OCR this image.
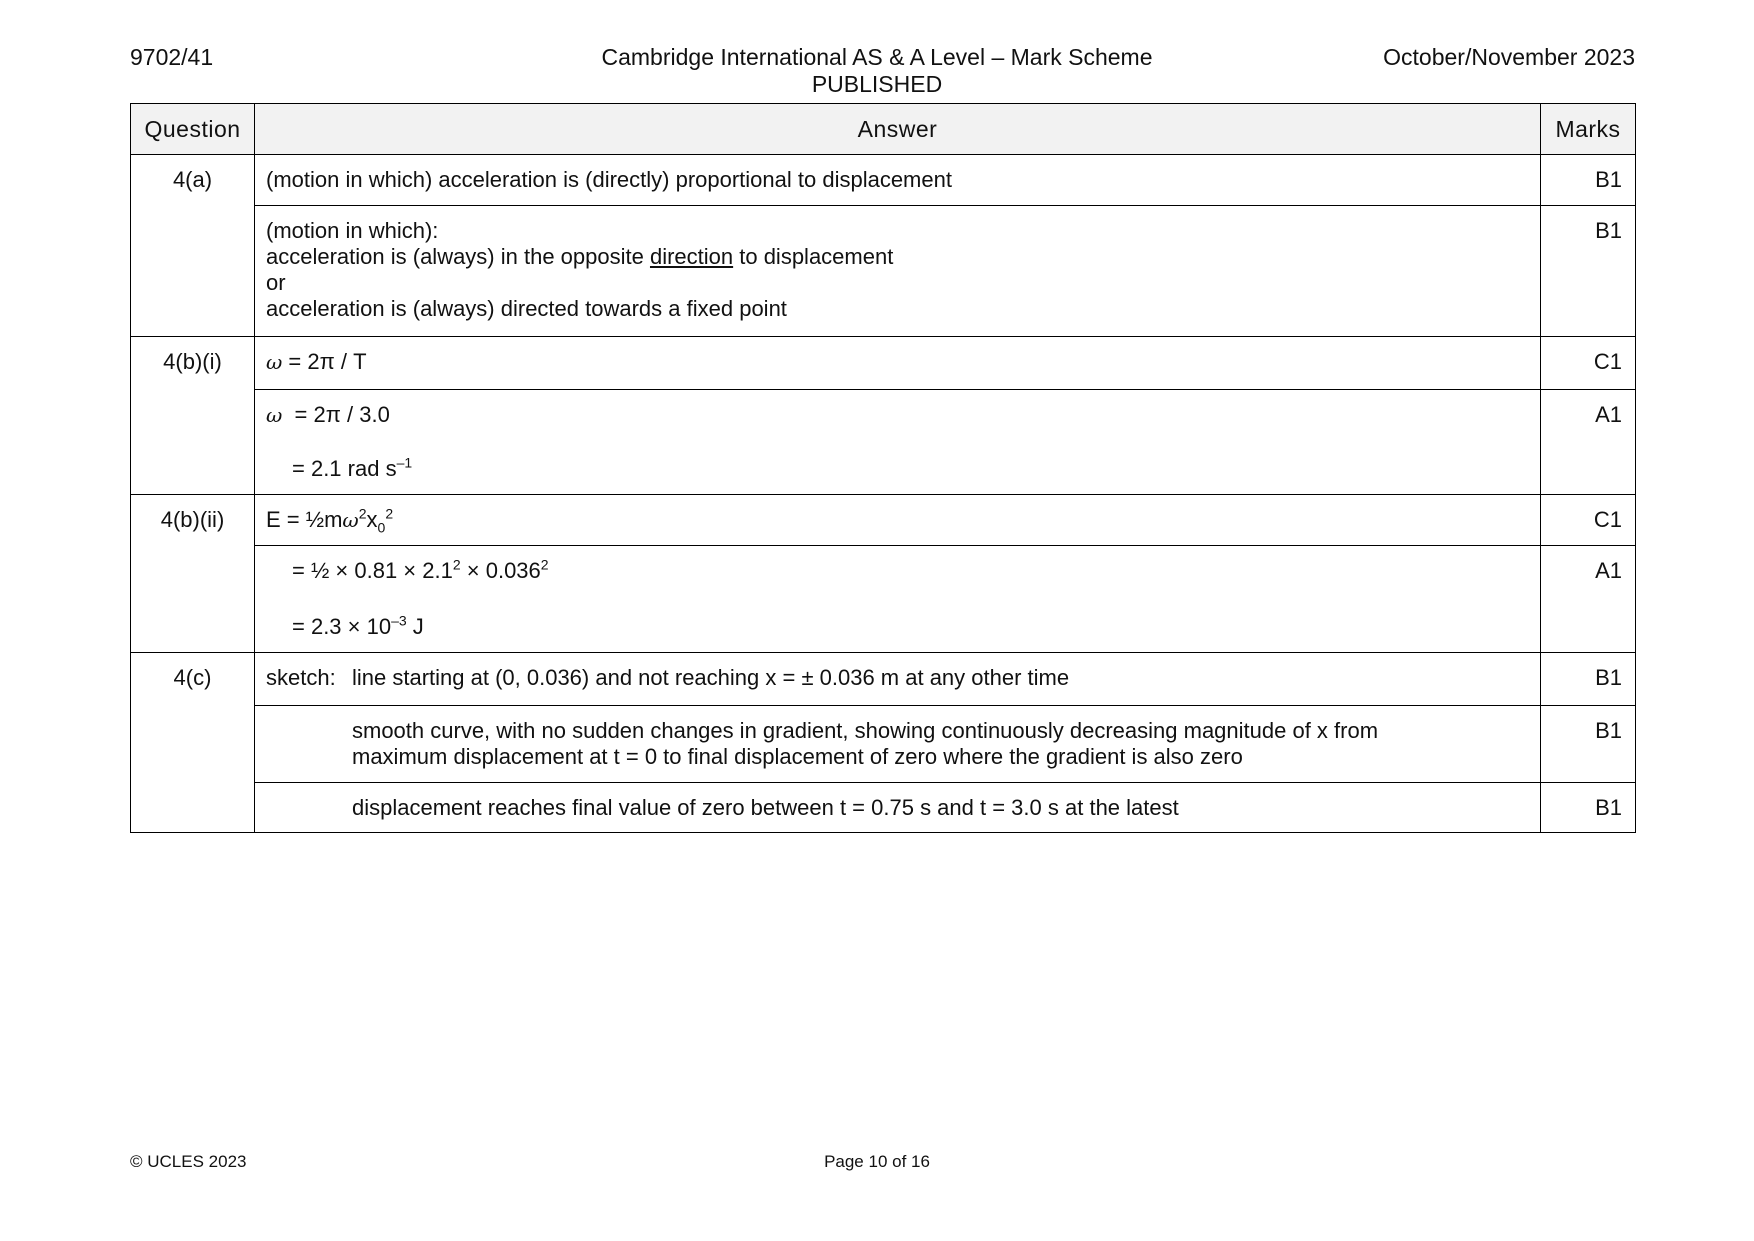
9702/41	Cambridge International AS & A Level – Mark Scheme
PUBLISHED
October/November 2023
Question	Answer	Marks
4(a)	(motion in which) acceleration is (directly) proportional to displacement	B1

	(motion in which):
acceleration is (always) in the opposite direction to displacement
or
acceleration is (always) directed towards a fixed point	B1
4(b)(i)	ω = 2π / T	C1

	ω  = 2π / 3.0
= 2.1 rad $s^{-1}$	A1
4(b)(ii)	$E = \frac{1}{2}m\omega^2x_0^2$	C1

	= ½ × $0.81 \times 2.1^2 \times 0.036^2$
= $2.3 \times 10^{-3}$ J	A1
4(c)	sketch: line starting at (0, 0.036) and not reaching x = ± 0.036 m at any other time	B1

	smooth curve, with no sudden changes in gradient, showing continuously decreasing magnitude of x from
maximum displacement at t = 0 to final displacement of zero where the gradient is also zero	B1

	displacement reaches final value of zero between t = 0.75 s and t = 3.0 s at the latest	B1
© UCLES 2023	Page 10 of 16
